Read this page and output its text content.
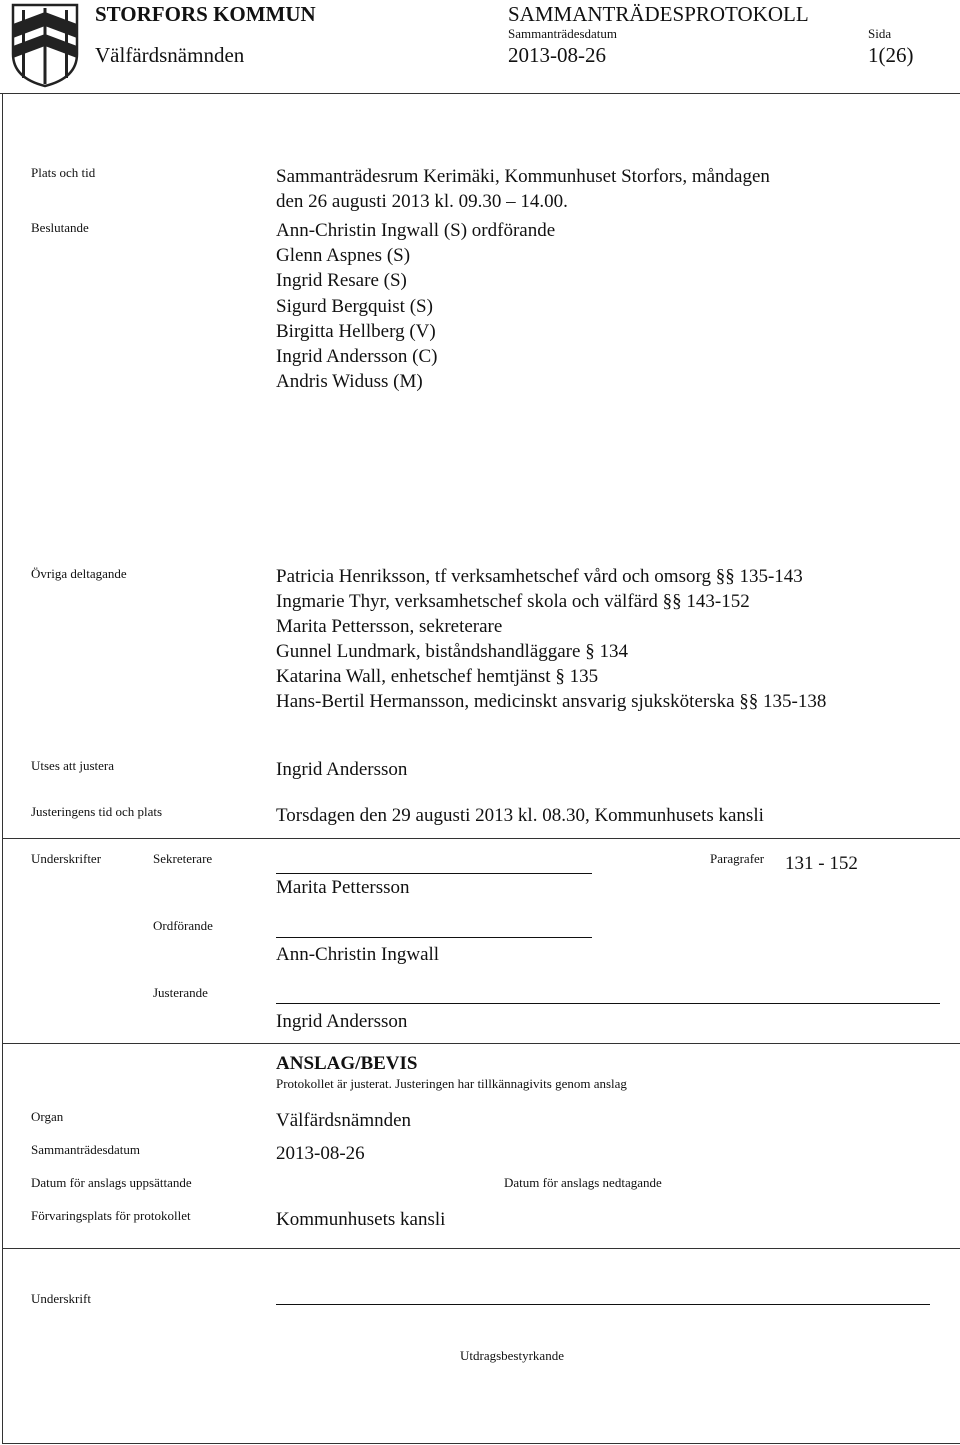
STORFORS KOMMUN	SAMMANTRÄDESPROTOKOLL
Sammanträdesdatum	Sida
Välfärdsnämnden	2013-08-26	1(26)
Plats och tid	Sammanträdesrum Kerimäki, Kommunhuset Storfors, måndagen
den 26 augusti 2013 kl. 09.30 – 14.00.
Beslutande	Ann-Christin Ingwall (S) ordförande
Glenn Aspnes (S)
Ingrid Resare (S)
Sigurd Bergquist (S)
Birgitta Hellberg (V)
Ingrid Andersson (C)
Andris Widuss (M)
Övriga deltagande	Patricia Henriksson, tf verksamhetschef vård och omsorg §§ 135-143
Ingmarie Thyr, verksamhetschef skola och välfärd §§ 143-152
Marita Pettersson, sekreterare
Gunnel Lundmark, biståndshandläggare § 134
Katarina Wall, enhetschef hemtjänst § 135
Hans-Bertil Hermansson, medicinskt ansvarig sjuksköterska §§ 135-138
Utses att justera	Ingrid Andersson
Justeringens tid och plats	Torsdagen den 29 augusti 2013 kl. 08.30, Kommunhusets kansli
Underskrifter	Sekreterare
Marita Pettersson
Paragrafer 131 - 152
Ordförande
Ann-Christin Ingwall
Justerande
Ingrid Andersson
ANSLAG/BEVIS
Protokollet är justerat. Justeringen har tillkännagivits genom anslag
Organ	Välfärdsnämnden
Sammanträdesdatum	2013-08-26
Datum för anslags uppsättande	Datum för anslags nedtagande
Förvaringsplats för protokollet	Kommunhusets kansli
Underskrift
Utdragsbestyrkande
